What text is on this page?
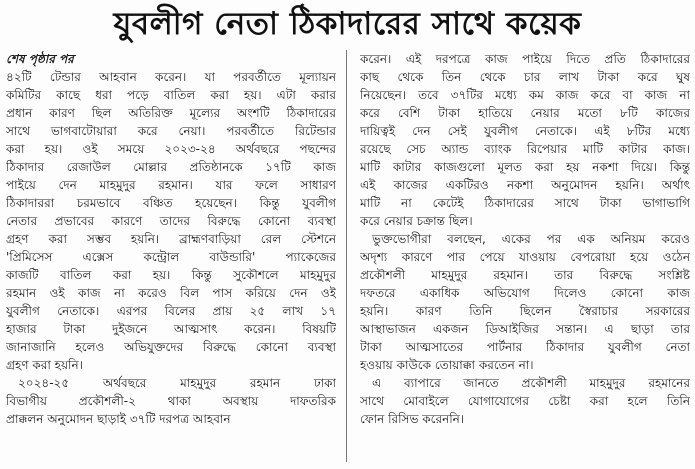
যুবলীগ নেতা ঠিকাদারের সাথে কয়েক
শেষ পৃষ্ঠার পর
৪২টি টেন্ডার আহবান করেন। যা পরবর্তীতে মূল্যায়ন
কমিটির কাছে ধরা পড়ে বাতিল করা হয়। এটা করার
প্রধান কারণ ছিল অতিরিক্ত মূল্যের অংশটি ঠিকাদারের
সাথে ভাগবাটোয়ারা করে নেয়া। পরবর্তীতে রিটেন্ডার
করা হয়। ওই সময়ে ২০২৩-২৪ অর্থবছরে পছন্দের
ঠিকাদার রেজাউল মোল্লার প্রতিষ্ঠানকে ১৭টি কাজ
পাইয়ে দেন মাহমুদুর রহমান। যার ফলে সাধারণ
ঠিকাদাররা চরমভাবে বঞ্চিত হয়েছেন। কিন্তু যুবলীগ
নেতার প্রভাবের কারণে তাদের বিরুদ্ধে কোনো ব্যবস্থা
গ্রহণ করা সম্ভব হয়নি। ব্রাহ্মণবাড়িয়া রেল স্টেশনে
'প্রিমিসেস এক্সেস কন্ট্রোল বাউন্ডারি' প্যাকেজের
কাজটি বাতিল করা হয়। কিন্তু সুকৌশলে মাহমুদুর
রহমান ওই কাজ না করেও বিল পাস করিয়ে দেন ওই
যুবলীগ নেতাকে। এরপর বিলের প্রায় ২৫ লাখ ১৭
হাজার টাকা দুইজনে আত্মসাৎ করেন। বিষয়টি
জানাজানি হলেও অভিযুক্তদের বিরুদ্ধে কোনো ব্যবস্থা
গ্রহণ করা হয়নি।
২০২৪-২৫ অর্থবছরে মাহমুদুর রহমান ঢাকা
বিভাগীয় প্রকৌশলী-২ থাকা অবস্থায় দাফতরিক
প্রাক্কলন অনুমোদন ছাড়াই ৩৭টি দরপত্র আহবান
করেন। এই দরপত্রে কাজ পাইয়ে দিতে প্রতি ঠিকাদারের
কাছ থেকে তিন থেকে চার লাখ টাকা করে ঘুষ
নিয়েছেন। তবে ৩৭টির মধ্যে কম কাজ করে বা কাজ না
করে বেশি টাকা হাতিয়ে নেয়ার মতো ৮টি কাজের
দায়িত্বই দেন সেই যুবলীগ নেতাকে। এই ৮টির মধ্যে
রয়েছে সেচ অ্যান্ড ব্যাংক রিপেয়ার মাটি কাটার কাজ।
মাটি কাটার কাজগুলো মূলত করা হয় নকশা দিয়ে। কিন্তু
এই কাজের একটিরও নকশা অনুমোদন হয়নি। অর্থাৎ
মাটি না কেটেই ঠিকাদারের সাথে টাকা ভাগাভাগি
করে নেয়ার চক্রান্ত ছিল।
ভুক্তভোগীরা বলছেন, একের পর এক অনিয়ম করেও
অদৃশ্য কারণে পার পেয়ে যাওয়ায় বেপরোয়া হয়ে ওঠেন
প্রকৌশলী মাহমুদুর রহমান। তার বিরুদ্ধে সংশ্লিষ্ট
দফতরে একাধিক অভিযোগ দিলেও কোনো কাজ
হয়নি। কারণ তিনি ছিলেন স্বৈরাচার সরকারের
আস্থাভাজন একজন ডিআইজির সন্তান। এ ছাড়া তার
টাকা আত্মসাতের পার্টনার ঠিকাদার যুবলীগ নেতা
হওয়ায় কাউকে তোয়াক্কা করতেন না।
এ ব্যাপারে জানতে প্রকৌশলী মাহমুদুর রহমানের
সাথে মোবাইলে যোগাযোগের চেষ্টা করা হলে তিনি
ফোন রিসিভ করেননি।
